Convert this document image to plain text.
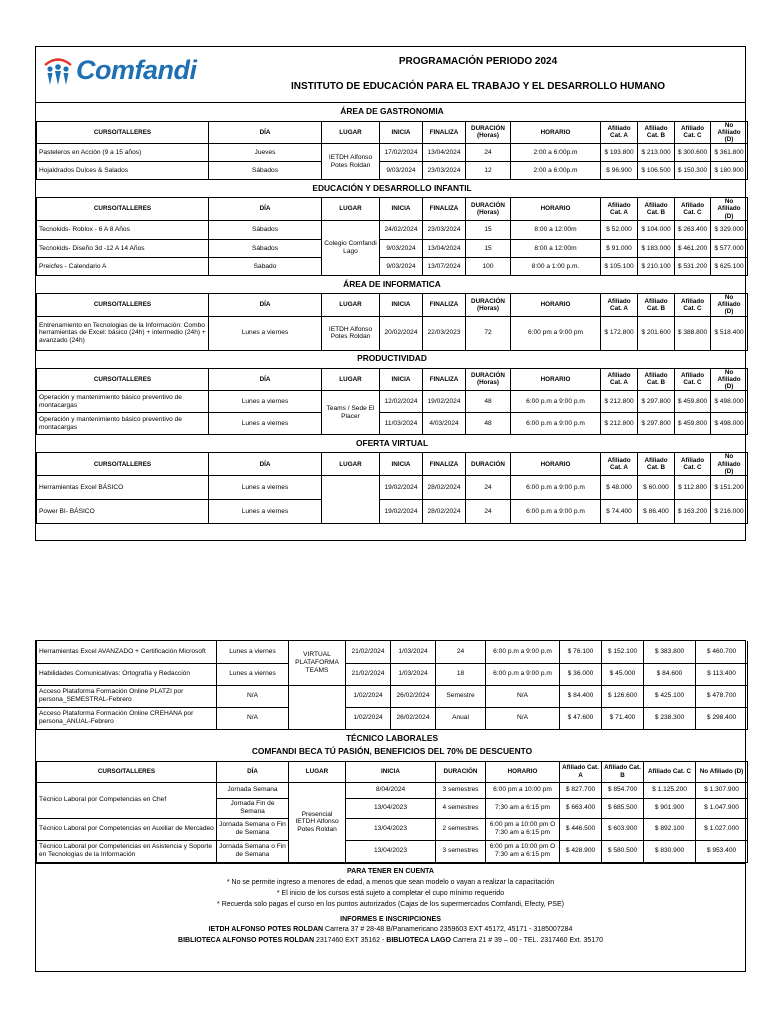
Comfandi	PROGRAMACIÓN PERIODO 2024
INSTITUTO DE EDUCACIÓN PARA EL TRABAJO Y EL DESARROLLO HUMANO
ÁREA DE GASTRONOMIA										
CURSO/TALLERES	DÍA	LUGAR	INICIA	FINALIZA	DURACIÓN (Horas)	HORARIO	Afiliado Cat. A	Afiliado Cat. B	Afiliado Cat. C	No Afiliado (D)
Pasteleros en Acción (9 a 15 años)	Jueves	IETDH Alfonso Potes Roldan	17/02/2024	13/04/2024	24	2:00 a 6:00p.m	$ 193.800	$ 213.000	$ 300.600	$ 361.800
Hojaldrados Dulces & Salados	Sábados		9/03/2024	23/03/2024	12	2:00 a 6:00p.m	$ 96.900	$ 106.500	$ 150.300	$ 180.900
EDUCACIÓN Y DESARROLLO INFANTIL										
CURSO/TALLERES	DÍA	LUGAR	INICIA	FINALIZA	DURACIÓN (Horas)	HORARIO	Afiliado Cat. A	Afiliado Cat. B	Afiliado Cat. C	No Afiliado (D)
Tecnokids- Roblox - 6 A 8 Años	Sábados	Colegio Comfandi Lago	24/02/2024	23/03/2024	15	8:00 a 12:00m	$ 52.000	$ 104.000	$ 263.400	$ 329.000
Tecnokids- Diseño 3d -12 A 14 Años	Sábados		9/03/2024	13/04/2024	15	8:00 a 12:00m	$ 91.000	$ 183.000	$ 461.200	$ 577.000
Preicfes - Calendario A	Sabado		9/03/2024	13/07/2024	100	8:00 a 1:00 p.m.	$ 105.100	$ 210.100	$ 531.200	$ 625.100
ÁREA DE INFORMATICA										
CURSO/TALLERES	DÍA	LUGAR	INICIA	FINALIZA	DURACIÓN (Horas)	HORARIO	Afiliado Cat. A	Afiliado Cat. B	Afiliado Cat. C	No Afiliado (D)
Entrenamiento en Tecnologias de la Información: Combo herramientas de Excel: básico (24h) + intermedio (24h) + avanzado (24h)	Lunes a viernes	IETDH Alfonso Potes Roldan	20/02/2024	22/03/2023	72	6:00 pm a 9:00 pm	$ 172.800	$ 201.600	$ 388.800	$ 518.400
PRODUCTIVIDAD										
CURSO/TALLERES	DÍA	LUGAR	INICIA	FINALIZA	DURACIÓN (Horas)	HORARIO	Afiliado Cat. A	Afiliado Cat. B	Afiliado Cat. C	No Afiliado (D)
Operación y mantenimiento básico preventivo de montacargas	Lunes a viernes	Teams / Sede El Placer	12/02/2024	19/02/2024	48	6:00 p.m a 9:00 p.m	$ 212.800	$ 297.800	$ 459.800	$ 498.000
Operación y mantenimiento básico preventivo de montacargas	Lunes a viernes		11/03/2024	4/03/2024	48	6:00 p.m a 9:00 p.m	$ 212.800	$ 297.800	$ 459.800	$ 498.000
OFERTA VIRTUAL										
CURSO/TALLERES	DÍA	LUGAR	INICIA	FINALIZA	DURACIÓN	HORARIO	Afiliado Cat. A	Afiliado Cat. B	Afiliado Cat. C	No Afiliado (D)
Herramientas Excel BÁSICO	Lunes a viernes		19/02/2024	28/02/2024	24	6:00 p.m a 9:00 p.m	$ 48.000	$ 60.000	$ 112.800	$ 151.200
Power BI- BÁSICO	Lunes a viernes		19/02/2024	28/02/2024	24	6:00 p.m a 9:00 p.m	$ 74.400	$ 86.400	$ 163.200	$ 216.000
Herramientas Excel AVANZADO + Certificación Microsoft	Lunes a viernes	VIRTUAL PLATAFORMA TEAMS	21/02/2024	1/03/2024	24	6:00 p.m a 9:00 p.m	$ 76.100	$ 152.100	$ 383.800	$ 460.700
Habilidades Comunicativas: Ortografía y Redacción	Lunes a viernes		21/02/2024	1/03/2024	18	6:00 p.m a 9:00 p.m	$ 36.000	$ 45.000	$ 84.600	$ 113.400
Acceso Plataforma Formación Online PLATZI por persona_SEMESTRAL-Febrero	N/A		1/02/2024	26/02/2024	Semestre	N/A	$ 84.400	$ 126.600	$ 425.100	$ 478.700
Acceso Plataforma Formación Online CREHANA por persona_ANUAL-Febrero	N/A		1/02/2024	26/02/2024	Anual	N/A	$ 47.600	$ 71.400	$ 238.300	$ 298.400

TÉCNICO LABORALES
COMFANDI BECA TÚ PASIÓN, BENEFICIOS DEL 70% DE DESCUENTO										

CURSO/TALLERES	DÍA	LUGAR	INICIA		DURACIÓN	HORARIO	Afiliado Cat. A	Afiliado Cat. B	Afiliado Cat. C	No Afiliado (D)
Técnico Laboral por Competencias en Chef	Jornada Semana	Presencial IETDH Alfonso Potes Roldan	8/04/2024		3 semestres	6:00 pm a 10:00 pm	$ 827.700	$ 854.700	$ 1.125.200	$ 1.307.900
	Jornada Fin de Semana		13/04/2023		4 semestres	7:30 am a 6:15 pm	$ 663.400	$ 685.500	$ 901.900	$ 1.047.900
Técnico Laboral por Competencias en Auxiliar de Mercadeo	Jornada Semana o Fin de Semana		13/04/2023		2 semestres	6:00 pm a 10:00 pm O 7:30 am a 6:15 pm	$ 446.500	$ 603.900	$ 892.100	$ 1.027.000
Técnico Laboral por Competencias en Asistencia y Soporte en Tecnologias de la Información	Jornada Semana o Fin de Semana		13/04/2023		3 semestres	6:00 pm a 10:00 pm O 7:30 am a 6:15 pm	$ 428.900	$ 580.500	$ 830.900	$ 953.400
PARA TENER EN CUENTA
* No se permite ingreso a menores de edad, a menos que sean modelo o vayan a realizar la capacitación
* El inicio de los cursos está sujeto a completar el cupo mínimo requerido
* Recuerda solo pagas el curso en los puntos autorizados (Cajas de los supermercados Comfandi, Efecty, PSE)
INFORMES E INSCRIPCIONES
IETDH ALFONSO POTES ROLDAN Carrera 37 # 28-48 B/Panamericano 2359603 EXT 45172, 45171 - 3185007284
BIBLIOTECA ALFONSO POTES ROLDAN 2317460 EXT 35162 - BIBLIOTECA LAGO Carrera 21 # 39 – 00 - TEL. 2317460 Ext. 35170
